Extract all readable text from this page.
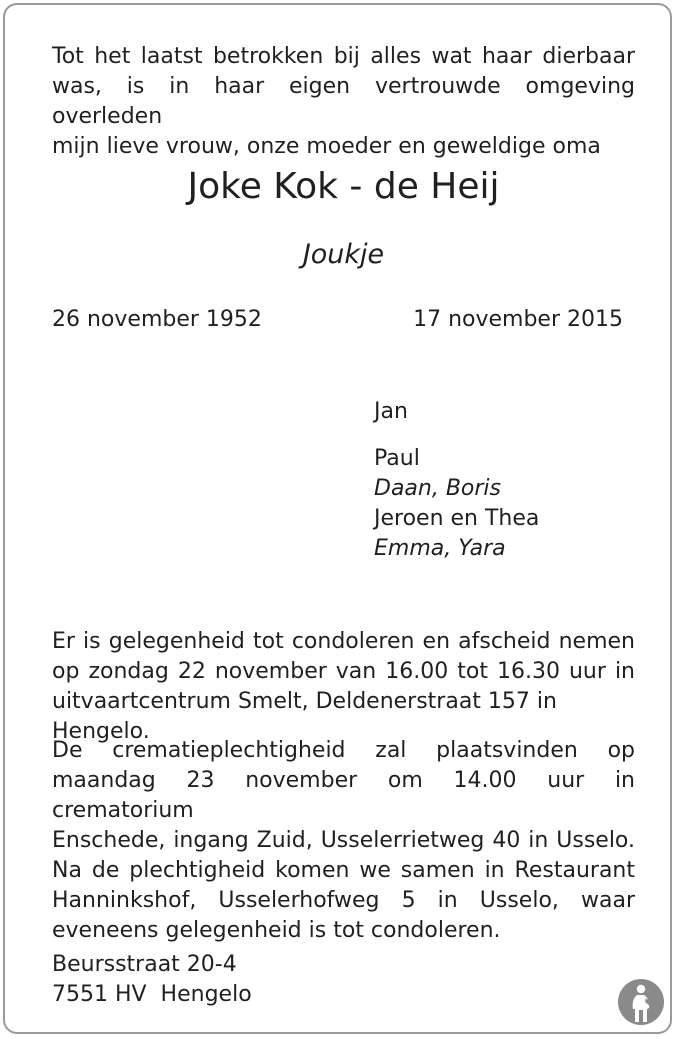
Tot het laatst betrokken bij alles wat haar dierbaar
was, is in haar eigen vertrouwde omgeving overleden
mijn lieve vrouw, onze moeder en geweldige oma

Joke Kok - de Heij
Joukje
26 november 1952	17 november 2015
Jan
Paul
Daan, Boris
Jeroen en Thea
Emma, Yara

Er is gelegenheid tot condoleren en afscheid nemen
op zondag 22 november van 16.00 tot 16.30 uur in
uitvaartcentrum Smelt, Deldenerstraat 157 in Hengelo.

De crematieplechtigheid zal plaatsvinden op
maandag 23 november om 14.00 uur in crematorium
Enschede, ingang Zuid, Usselerrietweg 40 in Usselo.
Na de plechtigheid komen we samen in Restaurant
Hanninkshof, Usselerhofweg 5 in Usselo, waar
eveneens gelegenheid is tot condoleren.

Beursstraat 20-4
7551 HV  Hengelo
